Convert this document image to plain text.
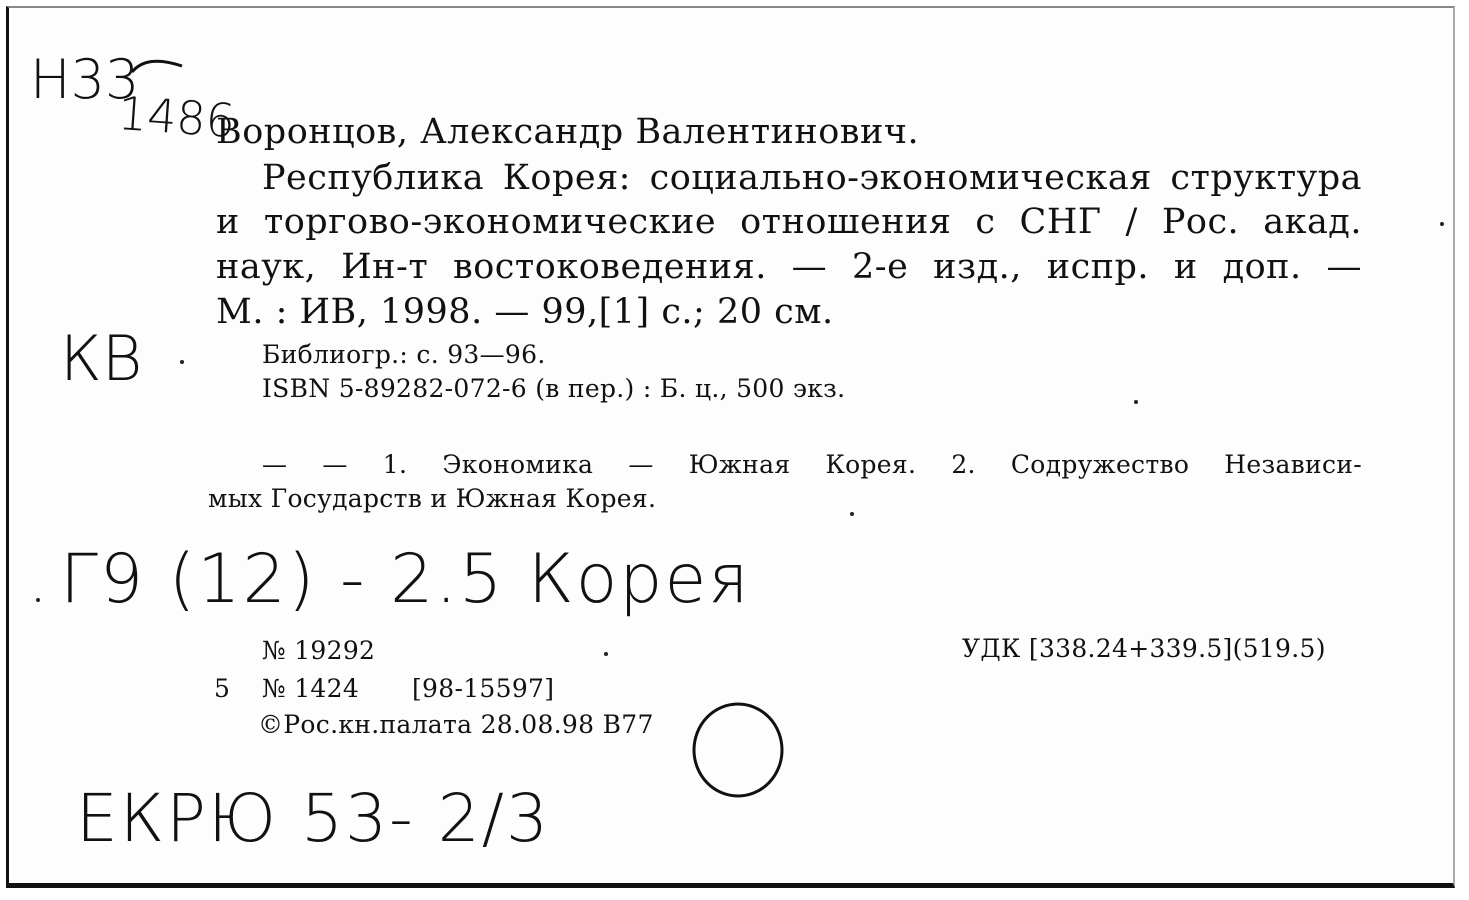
Н33
1486
Воронцов, Александр Валентинович.
Республика Корея: социально-экономическая структура
и торгово-экономические отношения с СНГ / Рос. акад.
наук, Ин-т востоковедения. — 2-е изд., испр. и доп. —
М. : ИВ, 1998. — 99,[1] с.; 20 см.
КВ	Библиогр.: с. 93—96.
ISBN 5-89282-072-6 (в пер.) : Б. ц., 500 экз.
— — 1. Экономика — Южная Корея. 2. Содружество Независи-
мых Государств и Южная Корея.
Г9 (12) - 2.5 Корея
№ 19292	УДК [338.24+339.5](519.5)
5 № 1424 [98-15597]
©Рос.кн.палата 28.08.98 В77
ЕКРЮ 53- 2/3
